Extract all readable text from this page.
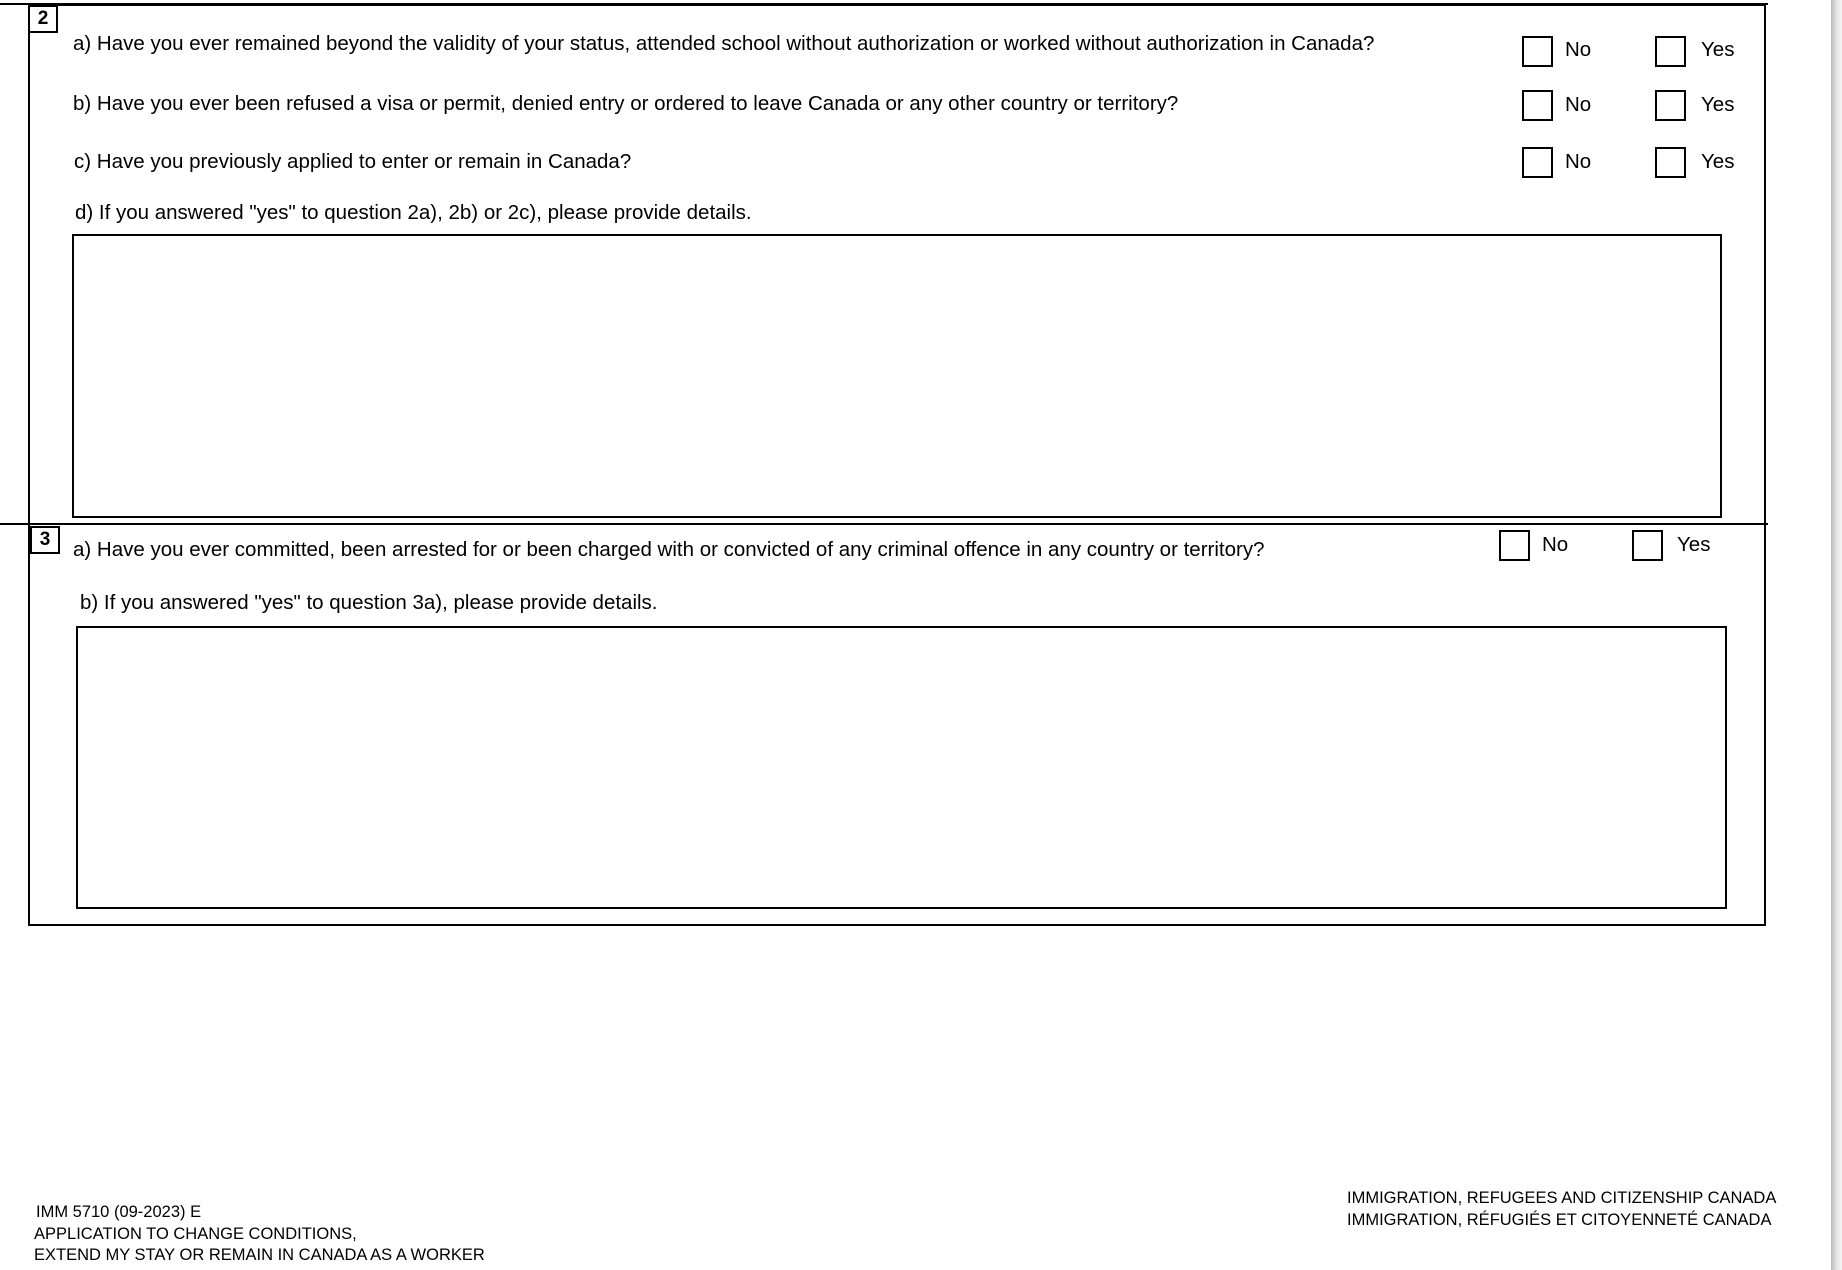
2
a) Have you ever remained beyond the validity of your status, attended school without authorization or worked without authorization in Canada?	No	Yes
b) Have you ever been refused a visa or permit, denied entry or ordered to leave Canada or any other country or territory?	No	Yes
c) Have you previously applied to enter or remain in Canada?	No	Yes
d) If you answered "yes" to question 2a), 2b) or 2c), please provide details.
3	a) Have you ever committed, been arrested for or been charged with or convicted of any criminal offence in any country or territory?	No	Yes
b) If you answered "yes" to question 3a), please provide details.
IMM 5710 (09-2023) E
APPLICATION TO CHANGE CONDITIONS,
EXTEND MY STAY OR REMAIN IN CANADA AS A WORKER
IMMIGRATION, REFUGEES AND CITIZENSHIP CANADA
IMMIGRATION, RÉFUGIÉS ET CITOYENNETÉ CANADA
